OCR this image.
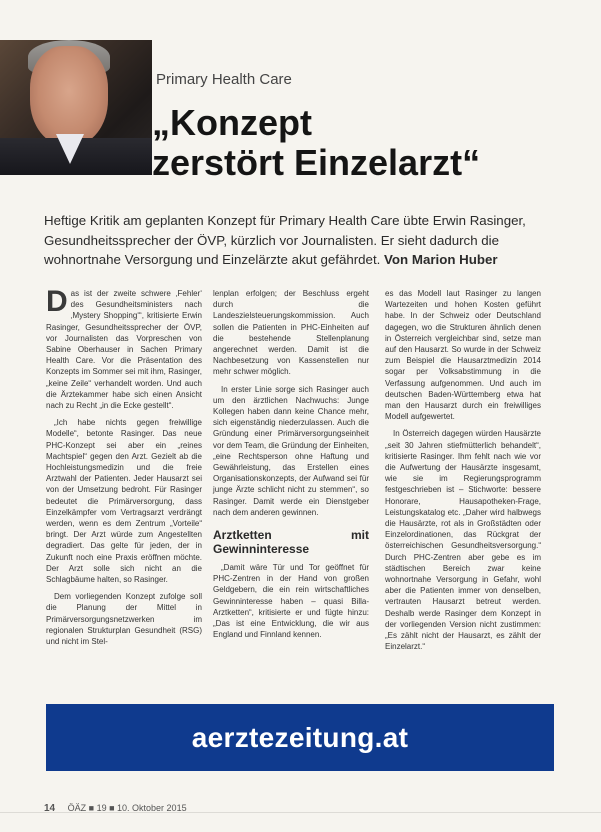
Primary Health Care
„Konzept
zerstört Einzelarzt“

Heftige Kritik am geplanten Konzept für Primary Health Care übte Erwin Rasinger, Gesundheitssprecher der ÖVP, kürzlich vor Journalisten. Er sieht dadurch die wohnortnahe Versorgung und Einzelärzte akut gefährdet. Von Marion Huber

Das ist der zweite schwere ‚Fehler‘ des Gesundheitsministers nach ‚Mystery Shopping‘“, kritisierte Erwin Rasinger, Gesundheitssprecher der ÖVP, vor Journalisten das Vorpreschen von Sabine Oberhauser in Sachen Primary Health Care. Vor die Präsentation des Konzepts im Sommer sei mit ihm, Rasinger, „keine Zeile“ verhandelt worden. Und auch die Ärztekammer habe sich einen Ansicht nach zu Recht „in die Ecke gestellt“.

„Ich habe nichts gegen freiwillige Modelle“, betonte Rasinger. Das neue PHC-Konzept sei aber ein „reines Machtspiel“ gegen den Arzt. Gezielt ab die Hochleistungsmedizin und die freie Arztwahl der Patienten. Jeder Hausarzt sei von der Umsetzung bedroht. Für Rasinger bedeutet die Primärversorgung, dass Einzelkämpfer vom Vertragsarzt verdrängt werden, wenn es dem Zentrum „Vorteile“ bringt. Der Arzt würde zum Angestellten degradiert. Das gelte für jeden, der in Zukunft noch eine Praxis eröffnen möchte. Der Arzt solle sich nicht an die Schlagbäume halten, so Rasinger.

Dem vorliegenden Konzept zufolge soll die Planung der Mittel in Primärversorgungsnetzwerken im regionalen Strukturplan Gesundheit (RSG) und nicht im Stel-

lenplan erfolgen; der Beschluss ergeht durch die Landeszielsteuerungskommission. Auch sollen die Patienten in PHC-Einheiten auf die bestehende Stellenplanung angerechnet werden. Damit ist die Nachbesetzung von Kassenstellen nur mehr schwer möglich.

In erster Linie sorge sich Rasinger auch um den ärztlichen Nachwuchs: Junge Kollegen haben dann keine Chance mehr, sich eigenständig niederzulassen. Auch die Gründung einer Primärversorgungseinheit vor dem Team, die Gründung der Einheiten, „eine Rechtsperson ohne Haftung und Gewährleistung, das Erstellen eines Organisationskonzepts, der Aufwand sei für junge Ärzte schlicht nicht zu stemmen“, so Rasinger. Damit werde ein Dienstgeber nach dem anderen gewinnen.

Arztketten mit Gewinninteresse

„Damit wäre Tür und Tor geöffnet für PHC-Zentren in der Hand von großen Geldgebern, die ein rein wirtschaftliches Gewinninteresse haben – quasi Billa-Arztketten“, kritisierte er und fügte hinzu: „Das ist eine Entwicklung, die wir aus England und Finnland kennen.

es das Modell laut Rasinger zu langen Wartezeiten und hohen Kosten geführt habe. In der Schweiz oder Deutschland dagegen, wo die Strukturen ähnlich denen in Österreich vergleichbar sind, setze man auf den Hausarzt. So wurde in der Schweiz zum Beispiel die Hausarztmedizin 2014 sogar per Volksabstimmung in die Verfassung aufgenommen. Und auch im deutschen Baden-Württemberg etwa hat man den Hausarzt durch ein freiwilliges Modell aufgewertet.

In Österreich dagegen würden Hausärzte „seit 30 Jahren stiefmütterlich behandelt“, kritisierte Rasinger. Ihm fehlt nach wie vor die Aufwertung der Hausärzte insgesamt, wie sie im Regierungsprogramm festgeschrieben ist – Stichworte: bessere Honorare, Hausapotheken-Frage, Leistungskatalog etc. „Daher wird halbwegs die Hausärzte, rot als in Großstädten oder Einzelordinationen, das Rückgrat der österreichischen Gesundheitsversorgung.“ Durch PHC-Zentren aber gebe es im städtischen Bereich zwar keine wohnortnahe Versorgung in Gefahr, wohl aber die Patienten immer von denselben, vertrauten Hausarzt betreut werden. Deshalb werde Rasinger dem Konzept in der vorliegenden Version nicht zustimmen: „Es zählt nicht der Hausarzt, es zählt der Einzelarzt.“

aerztezeitung.at
14 ÖÄZ ■ 19 ■ 10. Oktober 2015
